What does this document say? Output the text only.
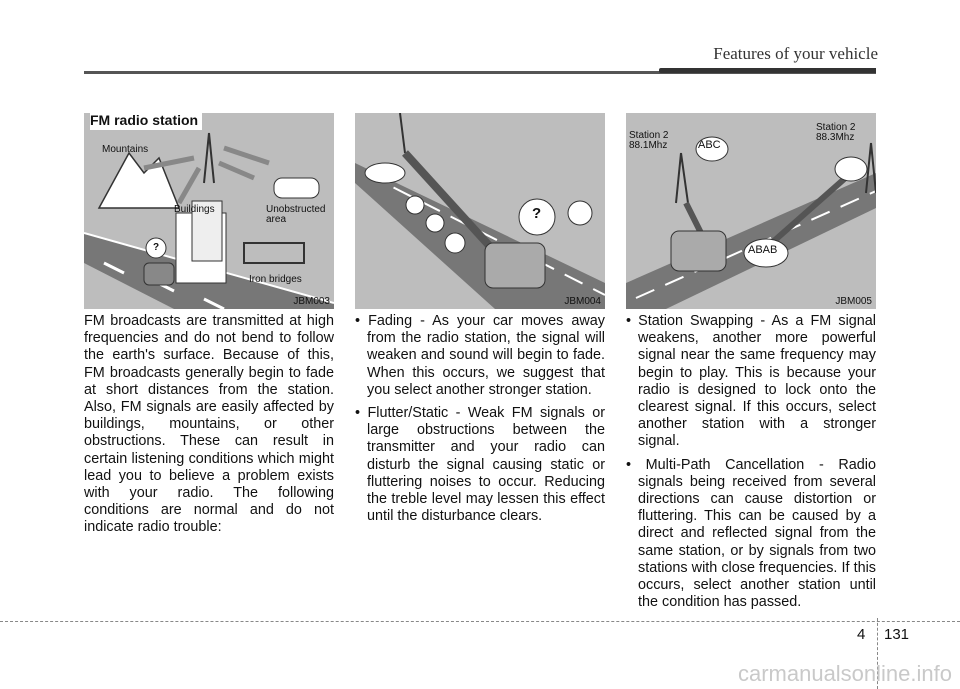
Features of your vehicle
FM radio station
Mountains
Buildings	Unobstructed
area
Iron bridges
?
JBM003
?
JBM004
Station 2
88.1Mhz
Station 2
88.3Mhz
ABC
ABAB
JBM005

FM broadcasts are transmitted at high frequencies and do not bend to follow the earth's surface. Because of this, FM broadcasts generally begin to fade at short distances from the station. Also, FM signals are easily affected by buildings, mountains, or other obstructions. These can result in certain listening conditions which might lead you to believe a problem exists with your radio. The following conditions are normal and do not indicate radio trouble:

• Fading - As your car moves away from the radio station, the signal will weaken and sound will begin to fade. When this occurs, we suggest that you select another stronger station.

• Flutter/Static - Weak FM signals or large obstructions between the transmitter and your radio can disturb the signal causing static or fluttering noises to occur. Reducing the treble level may lessen this effect until the disturbance clears.

• Station Swapping - As a FM signal weakens, another more powerful signal near the same frequency may begin to play. This is because your radio is designed to lock onto the clearest signal. If this occurs, select another station with a stronger signal.

• Multi-Path Cancellation - Radio signals being received from several directions can cause distortion or fluttering. This can be caused by a direct and reflected signal from the same station, or by signals from two stations with close frequencies. If this occurs, select another station until the condition has passed.

4 131
carmanualsonline.info
